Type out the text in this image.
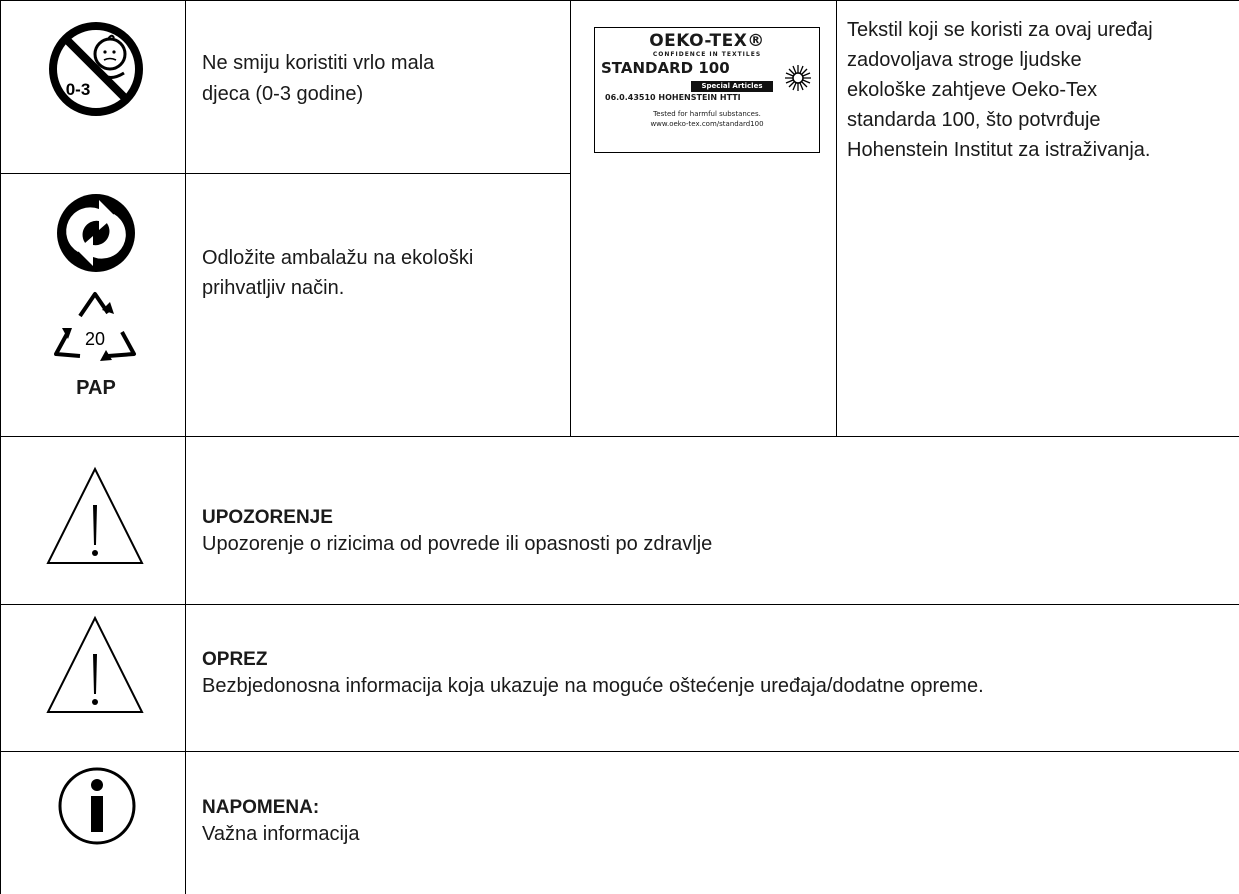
0-3
Ne smiju koristiti vrlo mala
djeca (0-3 godine)
OEKO-TEX®
CONFIDENCE IN TEXTILES
STANDARD 100
Special Articles
06.0.43510 HOHENSTEIN HTTI
Tested for harmful substances.
www.oeko-tex.com/standard100
Tekstil koji se koristi za ovaj uređaj
zadovoljava stroge ljudske
ekološke zahtjeve Oeko-Tex
standarda 100, što potvrđuje
Hohenstein Institut za istraživanja.
20
PAP
Odložite ambalažu na ekološki
prihvatljiv način.
UPOZORENJE
Upozorenje o rizicima od povrede ili opasnosti po zdravlje
OPREZ
Bezbjedonosna informacija koja ukazuje na moguće oštećenje uređaja/dodatne opreme.
NAPOMENA:
Važna informacija
